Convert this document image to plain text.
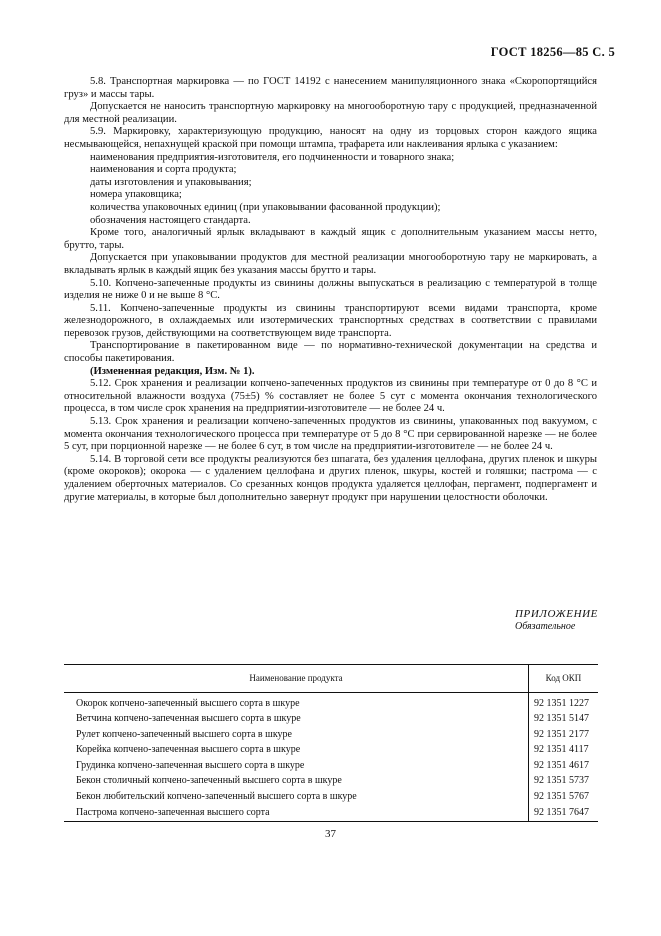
ГОСТ 18256—85 С. 5

5.8. Транспортная маркировка — по ГОСТ 14192 с нанесением манипуляционного знака «Скоропортящийся груз» и массы тары.

Допускается не наносить транспортную маркировку на многооборотную тару с продукцией, предназначенной для местной реализации.

5.9. Маркировку, характеризующую продукцию, наносят на одну из торцовых сторон каждого ящика несмывающейся, непахнущей краской при помощи штампа, трафарета или наклеивания ярлыка с указанием:

наименования предприятия-изготовителя, его подчиненности и товарного знака;

наименования и сорта продукта;

даты изготовления и упаковывания;

номера упаковщика;

количества упаковочных единиц (при упаковывании фасованной продукции);

обозначения настоящего стандарта.

Кроме того, аналогичный ярлык вкладывают в каждый ящик с дополнительным указанием массы нетто, брутто, тары.

Допускается при упаковывании продуктов для местной реализации многооборотную тару не маркировать, а вкладывать ярлык в каждый ящик без указания массы брутто и тары.

5.10. Копчено-запеченные продукты из свинины должны выпускаться в реализацию с температурой в толще изделия не ниже 0 и не выше 8 °С.

5.11. Копчено-запеченные продукты из свинины транспортируют всеми видами транспорта, кроме железнодорожного, в охлаждаемых или изотермических транспортных средствах в соответствии с правилами перевозок грузов, действующими на соответствующем виде транспорта.

Транспортирование в пакетированном виде — по нормативно-технической документации на средства и способы пакетирования.

(Измененная редакция, Изм. № 1).

5.12. Срок хранения и реализации копчено-запеченных продуктов из свинины при температуре от 0 до 8 °С и относительной влажности воздуха (75±5) % составляет не более 5 сут с момента окончания технологического процесса, в том числе срок хранения на предприятии-изготовителе — не более 24 ч.

5.13. Срок хранения и реализации копчено-запеченных продуктов из свинины, упакованных под вакуумом, с момента окончания технологического процесса при температуре от 5 до 8 °С при сервированной нарезке — не более 5 сут, при порционной нарезке — не более 6 сут, в том числе на предприятии-изготовителе — не более 24 ч.

5.14. В торговой сети все продукты реализуются без шпагата, без удаления целлофана, других пленок и шкуры (кроме окороков); окорока — с удалением целлофана и других пленок, шкуры, костей и голяшки; пастрома — с удалением оберточных материалов. Со срезанных концов продукта удаляется целлофан, пергамент, подпергамент и другие материалы, в которые был дополнительно завернут продукт при нарушении целостности оболочки.

ПРИЛОЖЕНИЕ
Обязательное
Наименование продукта	Код ОКП
Окорок копчено-запеченный высшего сорта в шкуре	92 1351 1227
Ветчина копчено-запеченная высшего сорта в шкуре	92 1351 5147
Рулет копчено-запеченный высшего сорта в шкуре	92 1351 2177
Корейка копчено-запеченная высшего сорта в шкуре	92 1351 4117
Грудинка копчено-запеченная высшего сорта в шкуре	92 1351 4617
Бекон столичный копчено-запеченный высшего сорта в шкуре	92 1351 5737
Бекон любительский копчено-запеченный высшего сорта в шкуре	92 1351 5767
Пастрома копчено-запеченная высшего сорта	92 1351 7647
37
